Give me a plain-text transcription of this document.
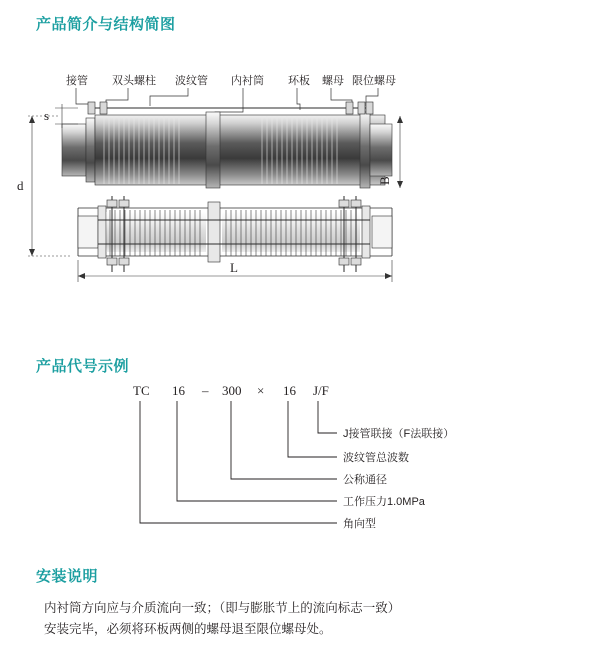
产品简介与结构简图
接管 双头螺柱 波纹管 内衬筒 环板 螺母 限位螺母
s
d	B
L
产品代号示例
TC 16 – 300 × 16 J/F
J接管联接（F法联接）
波纹管总波数
公称通径
工作压力1.0MPa
角向型
安装说明
内衬筒方向应与介质流向一致；（即与膨胀节上的流向标志一致）
安装完毕，必须将环板两侧的螺母退至限位螺母处。
